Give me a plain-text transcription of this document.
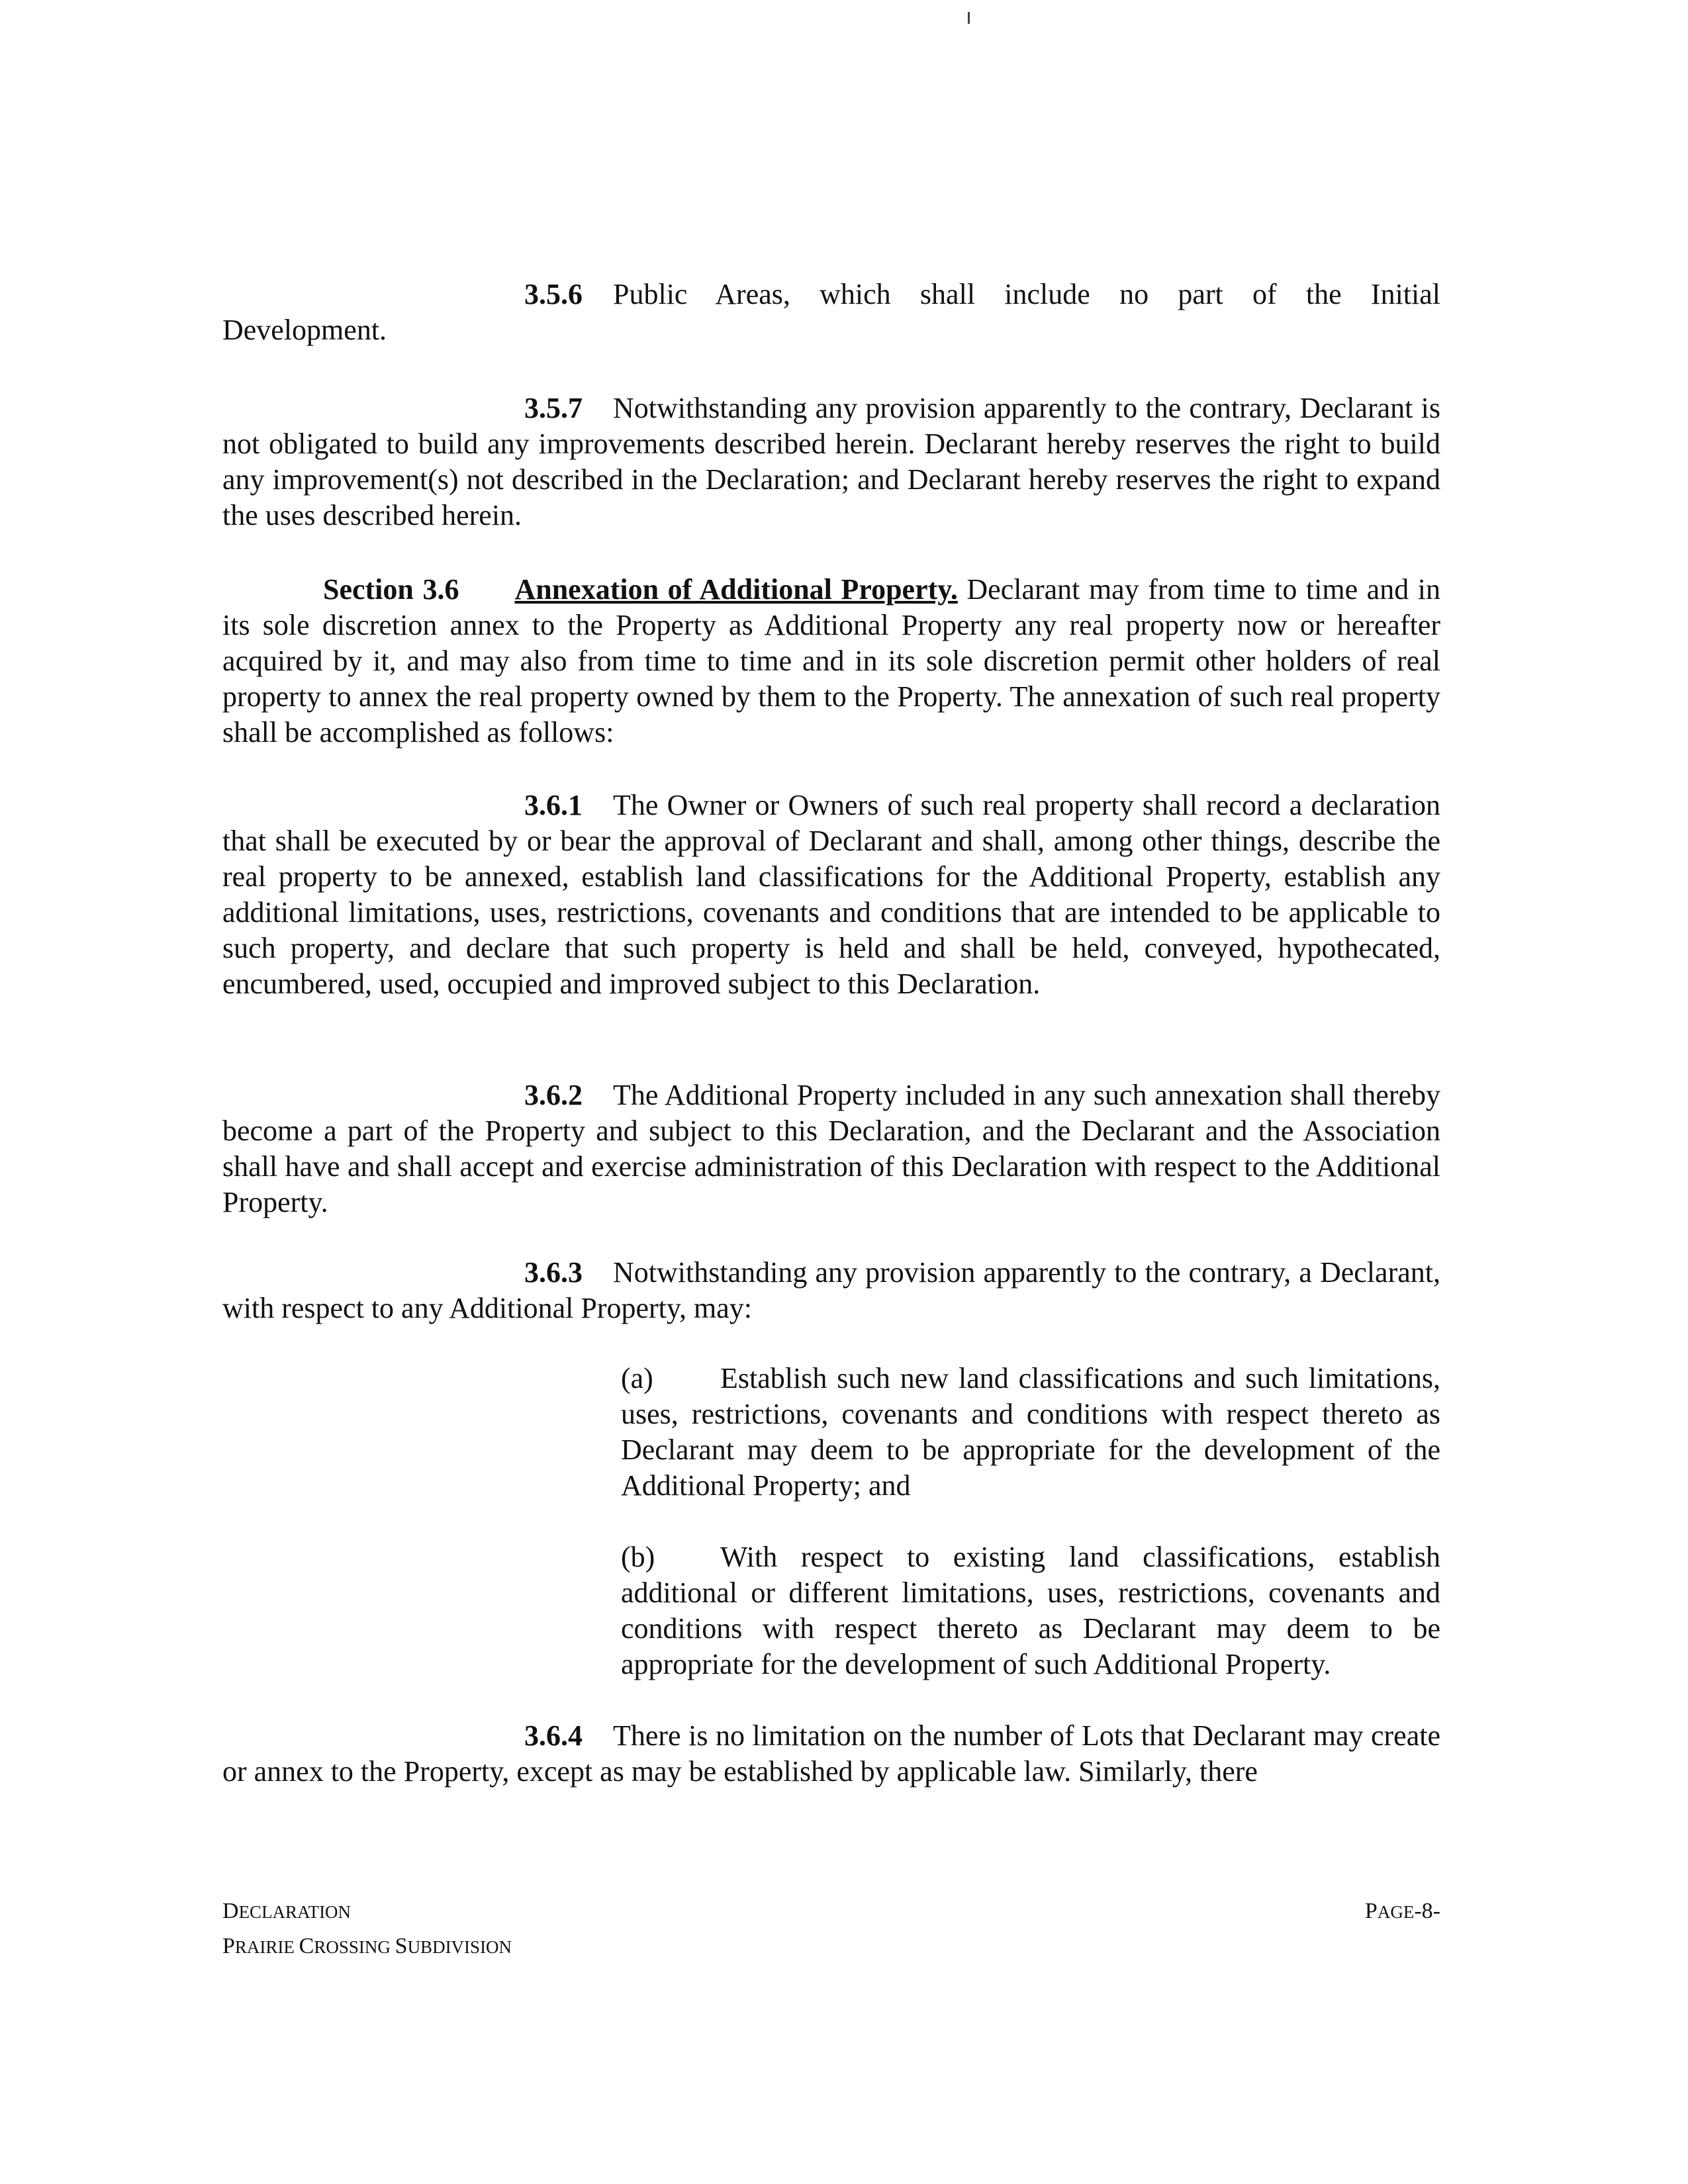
3.5.6 Public Areas, which shall include no part of the Initial

Development.

3.5.7 Notwithstanding any provision apparently to the contrary, Declarant is not obligated to build any improvements described herein. Declarant hereby reserves the right to build any improvement(s) not described in the Declaration; and Declarant hereby reserves the right to expand the uses described herein.

Section 3.6 Annexation of Additional Property. Declarant may from time to time and in its sole discretion annex to the Property as Additional Property any real property now or hereafter acquired by it, and may also from time to time and in its sole discretion permit other holders of real property to annex the real property owned by them to the Property. The annexation of such real property shall be accomplished as follows:

3.6.1 The Owner or Owners of such real property shall record a declaration that shall be executed by or bear the approval of Declarant and shall, among other things, describe the real property to be annexed, establish land classifications for the Additional Property, establish any additional limitations, uses, restrictions, covenants and conditions that are intended to be applicable to such property, and declare that such property is held and shall be held, conveyed, hypothecated, encumbered, used, occupied and improved subject to this Declaration.

3.6.2 The Additional Property included in any such annexation shall thereby become a part of the Property and subject to this Declaration, and the Declarant and the Association shall have and shall accept and exercise administration of this Declaration with respect to the Additional Property.

3.6.3 Notwithstanding any provision apparently to the contrary, a Declarant, with respect to any Additional Property, may:

(a) Establish such new land classifications and such limitations, uses, restrictions, covenants and conditions with respect thereto as Declarant may deem to be appropriate for the development of the Additional Property; and

(b) With respect to existing land classifications, establish additional or different limitations, uses, restrictions, covenants and conditions with respect thereto as Declarant may deem to be appropriate for the development of such Additional Property.

3.6.4 There is no limitation on the number of Lots that Declarant may create or annex to the Property, except as may be established by applicable law. Similarly, there

DECLARATION
PRAIRIE CROSSING SUBDIVISION
PAGE-8-
